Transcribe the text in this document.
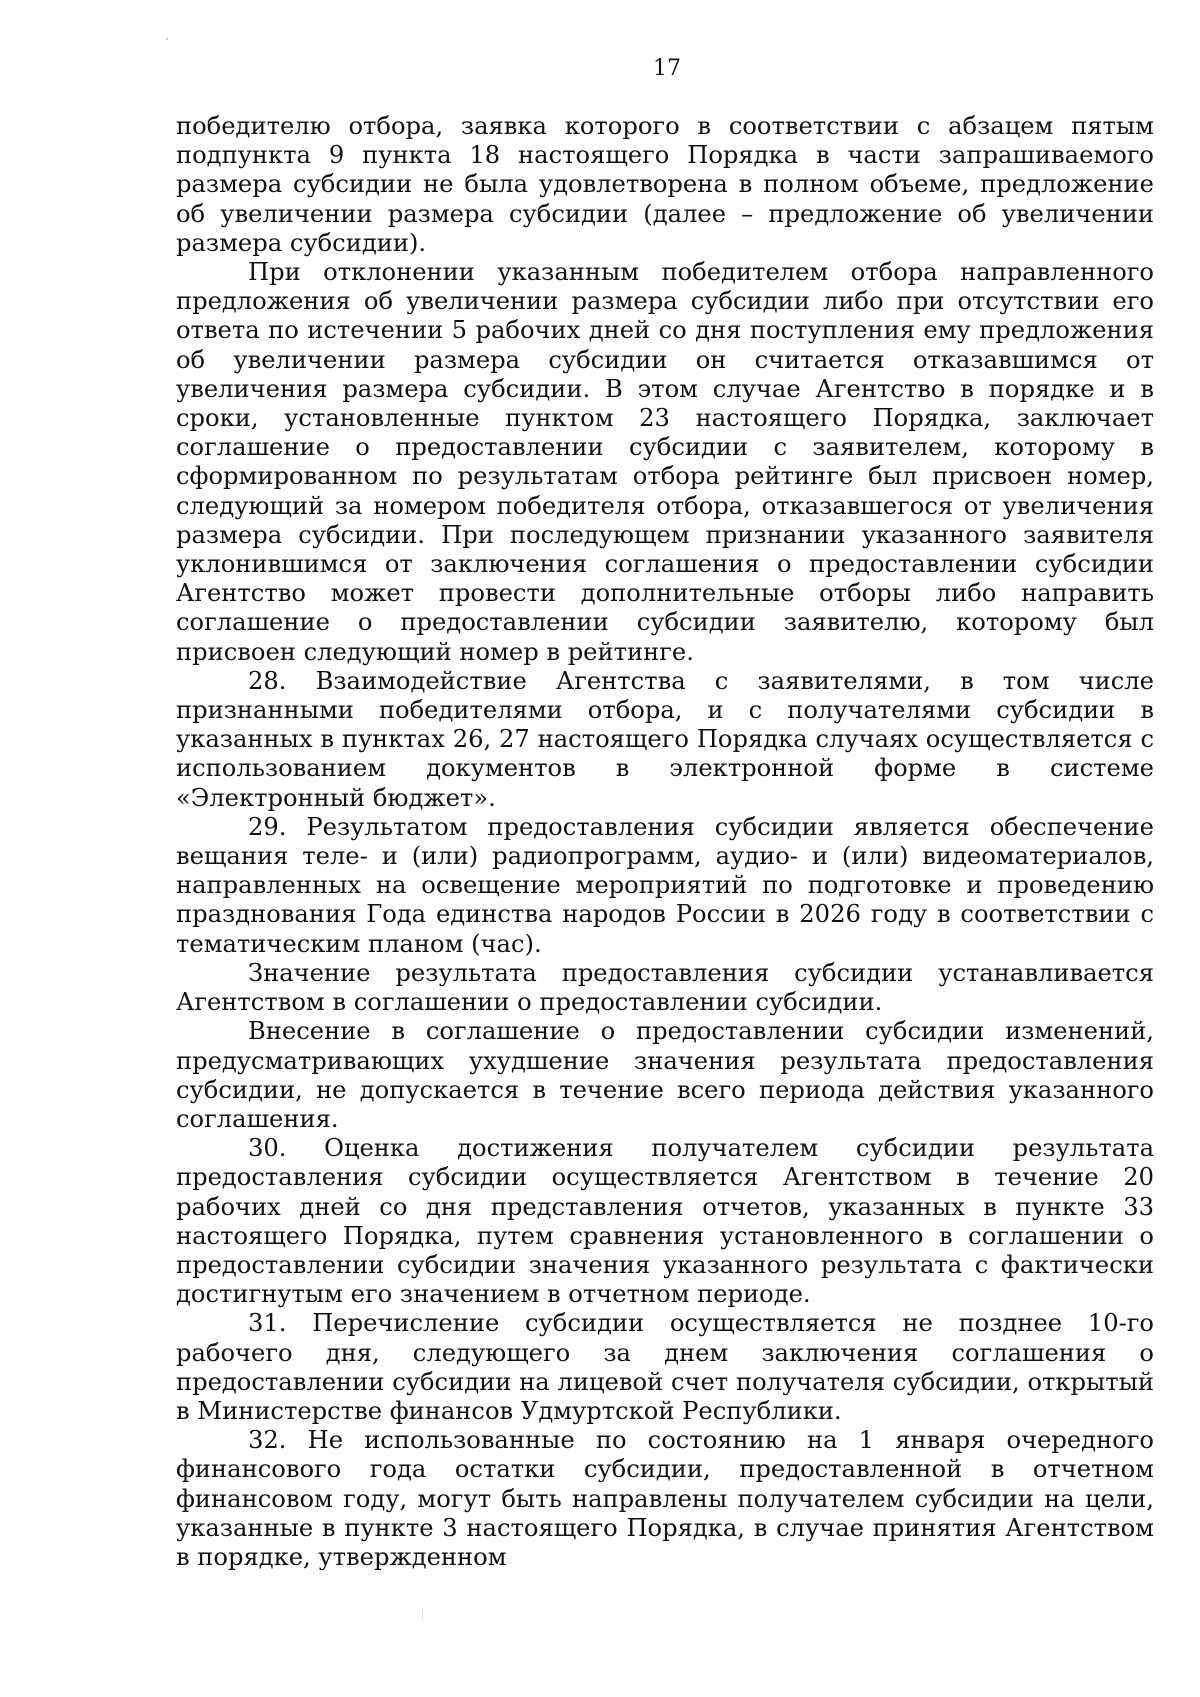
17

победителю отбора, заявка которого в соответствии с абзацем пятым подпункта 9 пункта 18 настоящего Порядка в части запрашиваемого размера субсидии не была удовлетворена в полном объеме, предложение об увеличении размера субсидии (далее – предложение об увеличении размера субсидии).

При отклонении указанным победителем отбора направленного предложения об увеличении размера субсидии либо при отсутствии его ответа по истечении 5 рабочих дней со дня поступления ему предложения об увеличении размера субсидии он считается отказавшимся от увеличения размера субсидии. В этом случае Агентство в порядке и в сроки, установленные пунктом 23 настоящего Порядка, заключает соглашение о предоставлении субсидии с заявителем, которому в сформированном по результатам отбора рейтинге был присвоен номер, следующий за номером победителя отбора, отказавшегося от увеличения размера субсидии. При последующем признании указанного заявителя уклонившимся от заключения соглашения о предоставлении субсидии Агентство может провести дополнительные отборы либо направить соглашение о предоставлении субсидии заявителю, которому был присвоен следующий номер в рейтинге.

28. Взаимодействие Агентства с заявителями, в том числе признанными победителями отбора, и с получателями субсидии в указанных в пунктах 26, 27 настоящего Порядка случаях осуществляется с использованием документов в электронной форме в системе «Электронный бюджет».

29. Результатом предоставления субсидии является обеспечение вещания теле- и (или) радиопрограмм, аудио- и (или) видеоматериалов, направленных на освещение мероприятий по подготовке и проведению празднования Года единства народов России в 2026 году в соответствии с тематическим планом (час).

Значение результата предоставления субсидии устанавливается Агентством в соглашении о предоставлении субсидии.

Внесение в соглашение о предоставлении субсидии изменений, предусматривающих ухудшение значения результата предоставления субсидии, не допускается в течение всего периода действия указанного соглашения.

30. Оценка достижения получателем субсидии результата предоставления субсидии осуществляется Агентством в течение 20 рабочих дней со дня представления отчетов, указанных в пункте 33 настоящего Порядка, путем сравнения установленного в соглашении о предоставлении субсидии значения указанного результата с фактически достигнутым его значением в отчетном периоде.

31. Перечисление субсидии осуществляется не позднее 10-го рабочего дня, следующего за днем заключения соглашения о предоставлении субсидии на лицевой счет получателя субсидии, открытый в Министерстве финансов Удмуртской Республики.

32. Не использованные по состоянию на 1 января очередного финансового года остатки субсидии, предоставленной в отчетном финансовом году, могут быть направлены получателем субсидии на цели, указанные в пункте 3 настоящего Порядка, в случае принятия Агентством в порядке, утвержденном
